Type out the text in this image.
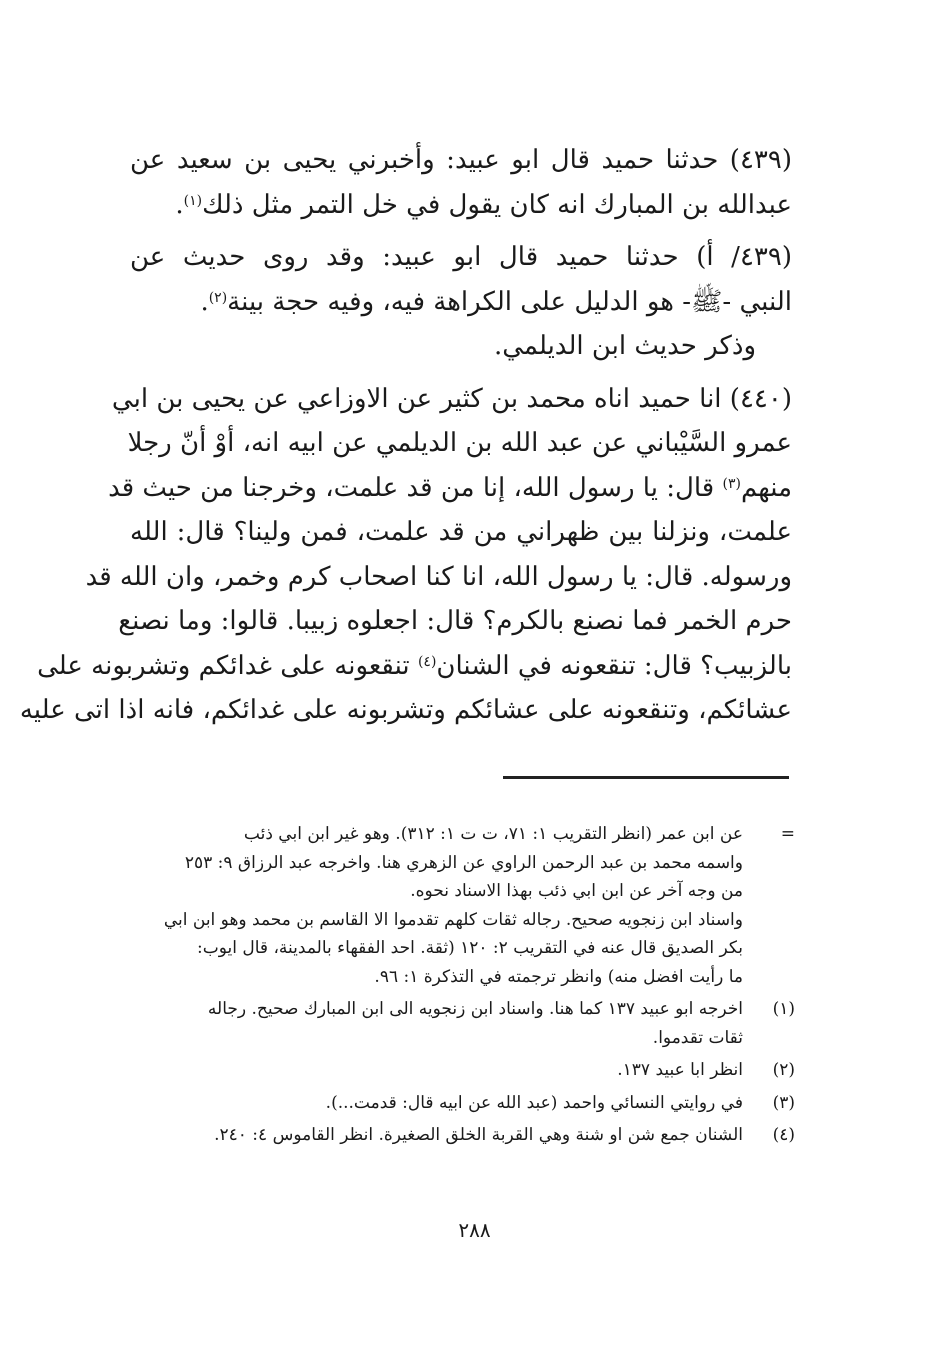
(٤٣٩) حدثنا حميد قال ابو عبيد: وأخبرني يحيى بن سعيد عن
عبدالله بن المبارك انه كان يقول في خل التمر مثل ذلك$^{(١)}$.
(٤٣٩/ أ) حدثنا حميد قال ابو عبيد: وقد روى حديث عن
النبي -ﷺ- هو الدليل على الكراهة فيه، وفيه حجة بينة$^{(٢)}$.
وذكر حديث ابن الديلمي.
(٤٤٠) انا حميد اناه محمد بن كثير عن الاوزاعي عن يحيى بن ابي
عمرو السَّيْباني عن عبد الله بن الديلمي عن ابيه انه، أوْ أنّ رجلا
منهم$^{(٣)}$ قال: يا رسول الله، إنا من قد علمت، وخرجنا من حيث قد
علمت، ونزلنا بين ظهراني من قد علمت، فمن ولينا؟ قال: الله
ورسوله. قال: يا رسول الله، انا كنا اصحاب كرم وخمر، وان الله قد
حرم الخمر فما نصنع بالكرم؟ قال: اجعلوه زبيبا. قالوا: وما نصنع
بالزبيب؟ قال: تنقعونه في الشنان$^{(٤)}$ تنقعونه على غدائكم وتشربونه على
عشائكم، وتنقعونه على عشائكم وتشربونه على غدائكم، فانه اذا اتى عليه
=
عن ابن عمر (انظر التقريب ١: ٧١، ت ت ١: ٣١٢). وهو غير ابن ابي ذئب
واسمه محمد بن عبد الرحمن الراوي عن الزهري هنا. واخرجه عبد الرزاق ٩: ٢٥٣
من وجه آخر عن ابن ابي ذئب بهذا الاسناد نحوه.
واسناد ابن زنجويه صحيح. رجاله ثقات كلهم تقدموا الا القاسم بن محمد وهو ابن ابي
بكر الصديق قال عنه في التقريب ٢: ١٢٠ (ثقة. احد الفقهاء بالمدينة، قال ايوب:
ما رأيت افضل منه) وانظر ترجمته في التذكرة ١: ٩٦.
(١)
اخرجه ابو عبيد ١٣٧ كما هنا. واسناد ابن زنجويه الى ابن المبارك صحيح. رجاله
ثقات تقدموا.
(٢)
انظر ابا عبيد ١٣٧.
(٣)
في روايتي النسائي واحمد (عبد الله عن ابيه قال: قدمت...).
(٤)
الشنان جمع شن او شنة وهي القربة الخلق الصغيرة. انظر القاموس ٤: ٢٤٠.
٢٨٨
